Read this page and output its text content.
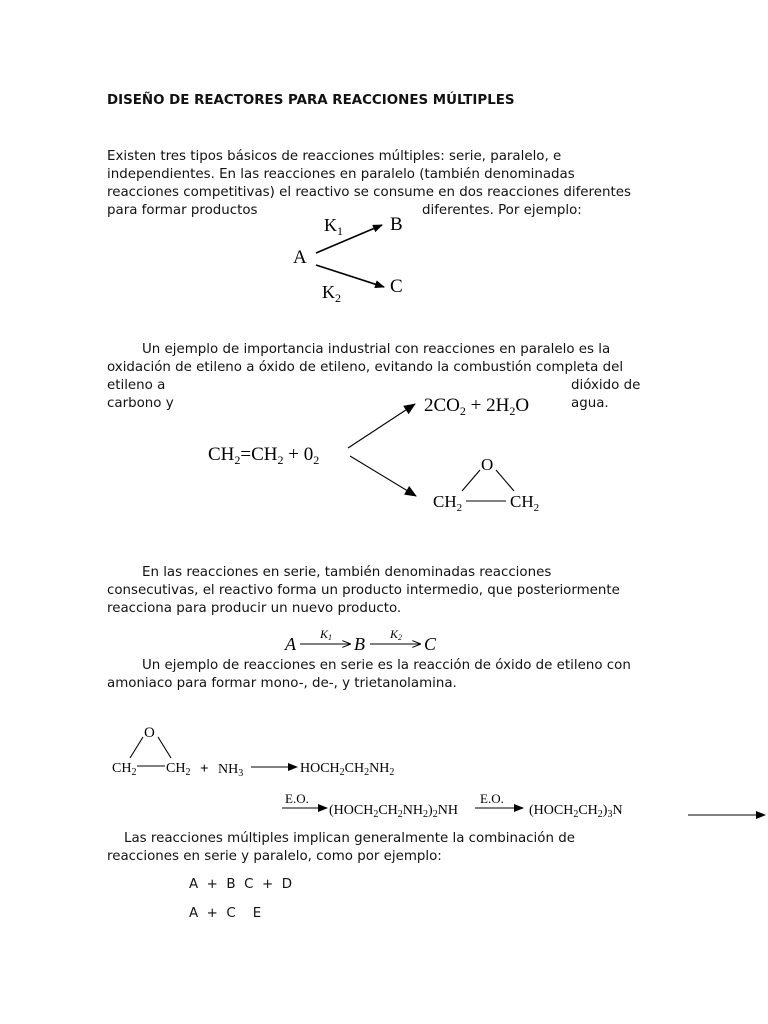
DISEÑO DE REACTORES PARA REACCIONES MÚLTIPLES
Existen tres tipos básicos de reacciones múltiples: serie, paralelo, e
independientes. En las reacciones en paralelo (también denominadas
reacciones competitivas) el reactivo se consume en dos reacciones diferentes
para formar productos	diferentes. Por ejemplo:
A
$K_1$ B
$K_2$
C
Un ejemplo de importancia industrial con reacciones en paralelo es la
oxidación de etileno a óxido de etileno, evitando la combustión completa del
etileno a	dióxido de
carbono y	agua.
$CH_2=CH_2 + 0_2$
$2CO_2 + 2H_2O$
O
$CH_2$	$CH_2$
En las reacciones en serie, también denominadas reacciones
consecutivas, el reactivo forma un producto intermedio, que posteriormente
reacciona para producir un nuevo producto.
A K1 B K2 C
Un ejemplo de reacciones en serie es la reacción de óxido de etileno con
amoniaco para formar mono-, de-, y trietanolamina.
O
$CH_2$ $CH_2 + NH_3$	$HOCH_2CH_2NH_2$
E.O.
$(HOCH_2CH_2NH_2)_2NH$
E.O.
$(HOCH_2CH_2)_3N$
Las reacciones múltiples implican generalmente la combinación de
reacciones en serie y paralelo, como por ejemplo:
A  +  B  C  +  D
A  +  C    E
